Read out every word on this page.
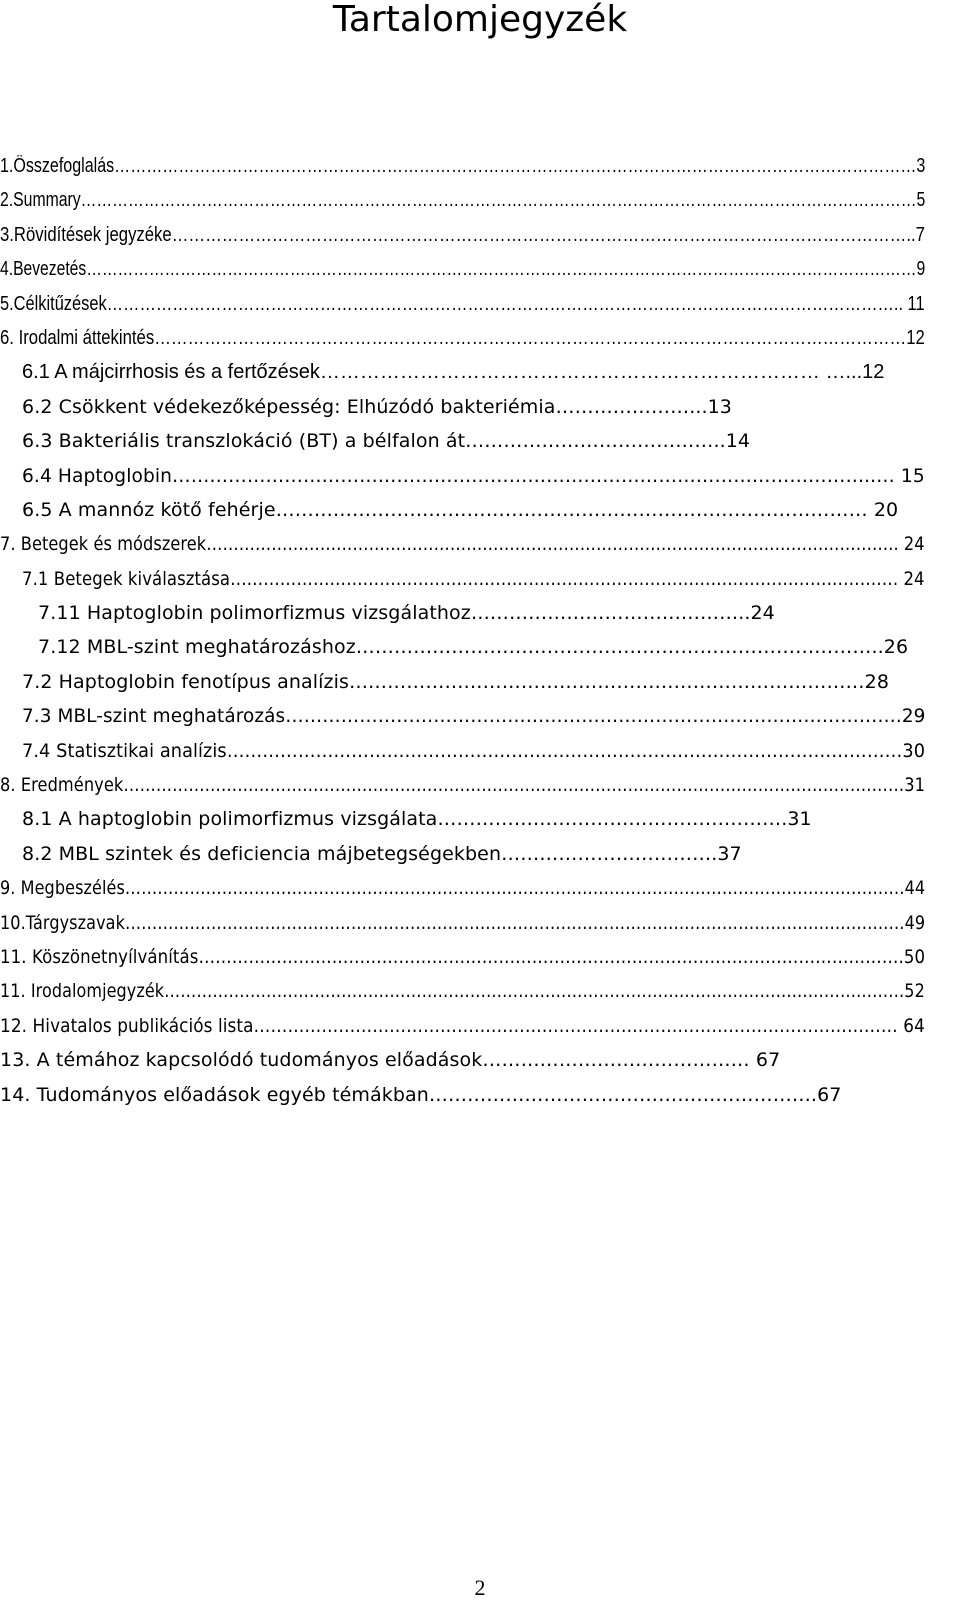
Tartalomjegyzék
1.Összefoglalás……………………………………………………………………………………………………………………………………3
2.Summary……………………………………………………………………………………………………………………………………………5
3.Rövidítések jegyzéke……………………………………………………………………………………………………………………..7
4.Bevezetés……………………………………………………………………………………………………………………………………………9
5.Célkitűzések……………………………………………………………………………………………………………………………….. 11
6. Irodalmi áttekintés………………………………………………………………………………………………………………………12
6.1 A májcirrhosis és a fertőzések………………………………………………………………… …...12
6.2 Csökkent védekezőképesség: Elhúzódó bakteriémia…………………...13
6.3 Bakteriális transzlokáció (BT) a bélfalon át…………………………………..14
6.4 Haptoglobin…………………………………………………………………………………………………..… 15
6.5 A mannóz kötő fehérje………………………………………………………………………………… 20
7. Betegek és módszerek……………………………………………………………………………………………………………….. 24
7.1 Betegek kiválasztása…………………………………………………………………………………………………………. 24
7.11 Haptoglobin polimorfizmus vizsgálathoz……………………………………..24
7.12 MBL-szint meghatározáshoz………………………………………………………………………..26
7.2 Haptoglobin fenotípus analízis………………………………………………………………………28
7.3 MBL-szint meghatározás……………………………………………………………………………………….29
7.4 Statisztikai analízis……………………………………………………………………………………………………30
8. Eredmények………………………………………………………………………………………………………………………………31
8.1 A haptoglobin polimorfizmus vizsgálata……………………………………………….31
8.2 MBL szintek és deficiencia májbetegségekben…………………………….37
9. Megbeszélés…………………………………………………………………………………………………………………………….…44
10.Tárgyszavak…………………………………………………………………………………………………………………………….…49
11. Köszönetnyílvánítás……………………………………………………………………………………………………………….50
11. Irodalomjegyzék…………………………………………………………………………………………………………………………52
12. Hivatalos publikációs lista…………………………………………………………………………………………………… 64
13. A témához kapcsolódó tudományos előadások…………………………………… 67
14. Tudományos előadások egyéb témákban…………………………………………………….67
2
